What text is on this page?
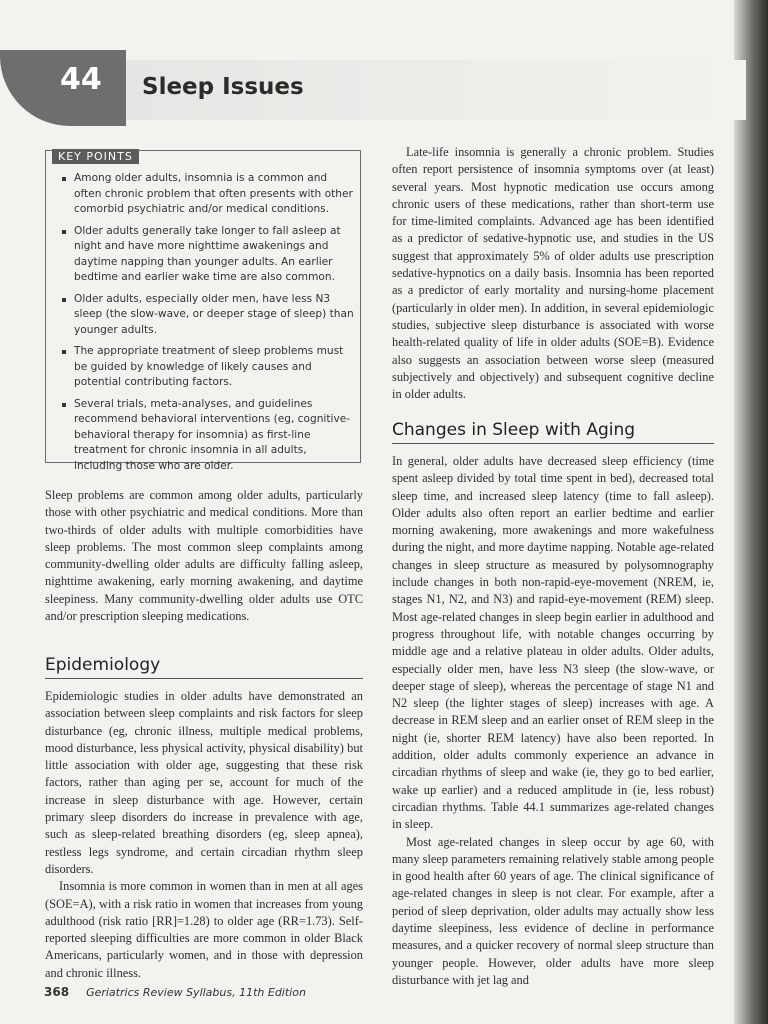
44 Sleep Issues
KEY POINTS
Among older adults, insomnia is a common and often chronic problem that often presents with other comorbid psychiatric and/or medical conditions.
Older adults generally take longer to fall asleep at night and have more nighttime awakenings and daytime napping than younger adults. An earlier bedtime and earlier wake time are also common.
Older adults, especially older men, have less N3 sleep (the slow-wave, or deeper stage of sleep) than younger adults.
The appropriate treatment of sleep problems must be guided by knowledge of likely causes and potential contributing factors.
Several trials, meta-analyses, and guidelines recommend behavioral interventions (eg, cognitive-behavioral therapy for insomnia) as first-line treatment for chronic insomnia in all adults, including those who are older.

Sleep problems are common among older adults, particularly those with other psychiatric and medical conditions. More than two-thirds of older adults with multiple comorbidities have sleep problems. The most common sleep complaints among community-dwelling older adults are difficulty falling asleep, nighttime awakening, early morning awakening, and daytime sleepiness. Many community-dwelling older adults use OTC and/or prescription sleeping medications.

Epidemiology

Epidemiologic studies in older adults have demonstrated an association between sleep complaints and risk factors for sleep disturbance (eg, chronic illness, multiple medical problems, mood disturbance, less physical activity, physical disability) but little association with older age, suggesting that these risk factors, rather than aging per se, account for much of the increase in sleep disturbance with age. However, certain primary sleep disorders do increase in prevalence with age, such as sleep-related breathing disorders (eg, sleep apnea), restless legs syndrome, and certain circadian rhythm sleep disorders.

Insomnia is more common in women than in men at all ages (SOE=A), with a risk ratio in women that increases from young adulthood (risk ratio [RR]=1.28) to older age (RR=1.73). Self-reported sleeping difficulties are more common in older Black Americans, particularly women, and in those with depression and chronic illness.

Late-life insomnia is generally a chronic problem. Studies often report persistence of insomnia symptoms over (at least) several years. Most hypnotic medication use occurs among chronic users of these medications, rather than short-term use for time-limited complaints. Advanced age has been identified as a predictor of sedative-hypnotic use, and studies in the US suggest that approximately 5% of older adults use prescription sedative-hypnotics on a daily basis. Insomnia has been reported as a predictor of early mortality and nursing-home placement (particularly in older men). In addition, in several epidemiologic studies, subjective sleep disturbance is associated with worse health-related quality of life in older adults (SOE=B). Evidence also suggests an association between worse sleep (measured subjectively and objectively) and subsequent cognitive decline in older adults.

Changes in Sleep with Aging

In general, older adults have decreased sleep efficiency (time spent asleep divided by total time spent in bed), decreased total sleep time, and increased sleep latency (time to fall asleep). Older adults also often report an earlier bedtime and earlier morning awakening, more awakenings and more wakefulness during the night, and more daytime napping. Notable age-related changes in sleep structure as measured by polysomnography include changes in both non-rapid-eye-movement (NREM, ie, stages N1, N2, and N3) and rapid-eye-movement (REM) sleep. Most age-related changes in sleep begin earlier in adulthood and progress throughout life, with notable changes occurring by middle age and a relative plateau in older adults. Older adults, especially older men, have less N3 sleep (the slow-wave, or deeper stage of sleep), whereas the percentage of stage N1 and N2 sleep (the lighter stages of sleep) increases with age. A decrease in REM sleep and an earlier onset of REM sleep in the night (ie, shorter REM latency) have also been reported. In addition, older adults commonly experience an advance in circadian rhythms of sleep and wake (ie, they go to bed earlier, wake up earlier) and a reduced amplitude in (ie, less robust) circadian rhythms. Table 44.1 summarizes age-related changes in sleep.

Most age-related changes in sleep occur by age 60, with many sleep parameters remaining relatively stable among people in good health after 60 years of age. The clinical significance of age-related changes in sleep is not clear. For example, after a period of sleep deprivation, older adults may actually show less daytime sleepiness, less evidence of decline in performance measures, and a quicker recovery of normal sleep structure than younger people. However, older adults have more sleep disturbance with jet lag and

368 Geriatrics Review Syllabus, 11th Edition
